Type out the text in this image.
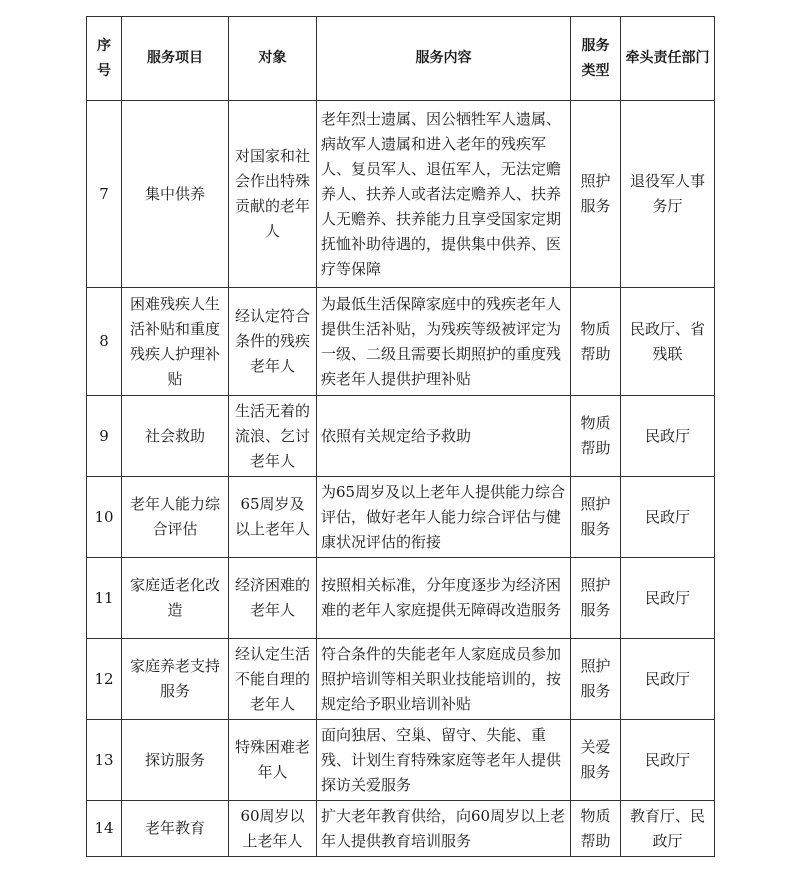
序号	服务项目	对象	服务内容	服务类型	牵头责任部门
7	集中供养	对国家和社会作出特殊贡献的老年人	老年烈士遗属、因公牺牲军人遗属、病故军人遗属和进入老年的残疾军人、复员军人、退伍军人，无法定赡养人、扶养人或者法定赡养人、扶养人无赡养、扶养能力且享受国家定期抚恤补助待遇的，提供集中供养、医疗等保障	照护服务	退役军人事务厅
8	困难残疾人生活补贴和重度残疾人护理补贴	经认定符合条件的残疾老年人	为最低生活保障家庭中的残疾老年人提供生活补贴，为残疾等级被评定为一级、二级且需要长期照护的重度残疾老年人提供护理补贴	物质帮助	民政厅、省残联
9	社会救助	生活无着的流浪、乞讨老年人	依照有关规定给予救助	物质帮助	民政厅
10	老年人能力综合评估	65周岁及以上老年人	为65周岁及以上老年人提供能力综合评估，做好老年人能力综合评估与健康状况评估的衔接	照护服务	民政厅
11	家庭适老化改造	经济困难的老年人	按照相关标准，分年度逐步为经济困难的老年人家庭提供无障碍改造服务	照护服务	民政厅
12	家庭养老支持服务	经认定生活不能自理的老年人	符合条件的失能老年人家庭成员参加照护培训等相关职业技能培训的，按规定给予职业培训补贴	照护服务	民政厅
13	探访服务	特殊困难老年人	面向独居、空巢、留守、失能、重残、计划生育特殊家庭等老年人提供探访关爱服务	关爱服务	民政厅
14	老年教育	60周岁以上老年人	扩大老年教育供给，向60周岁以上老年人提供教育培训服务	物质帮助	教育厅、民政厅
